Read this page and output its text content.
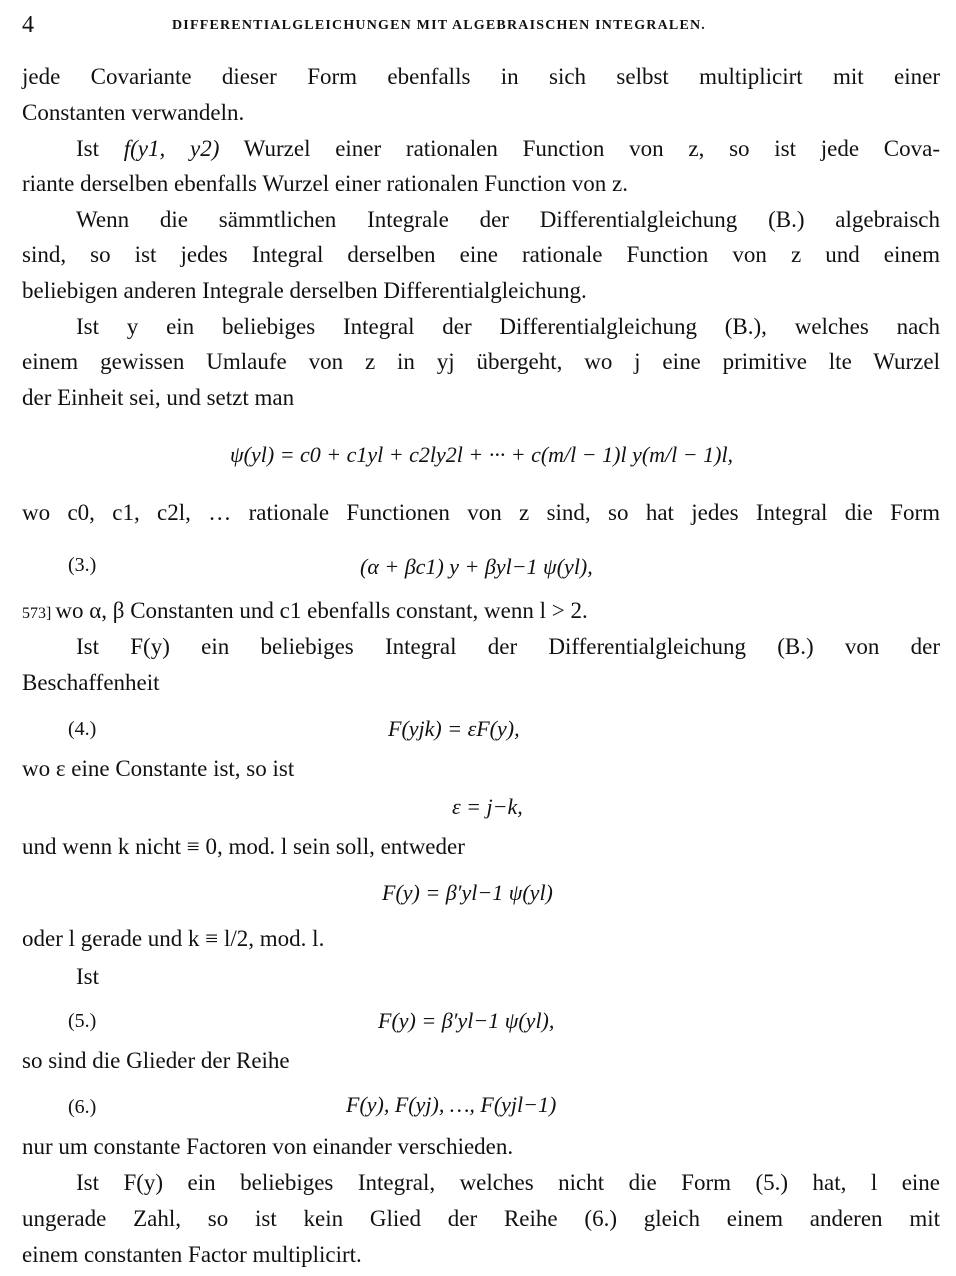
4	DIFFERENTIALGLEICHUNGEN MIT ALGEBRAISCHEN INTEGRALEN.
jede Covariante dieser Form ebenfalls in sich selbst multiplicirt mit einer
Constanten verwandeln.
Ist f(y1, y2) Wurzel einer rationalen Function von z, so ist jede Cova-
riante derselben ebenfalls Wurzel einer rationalen Function von z.
Wenn die sämmtlichen Integrale der Differentialgleichung (B.) algebraisch
sind, so ist jedes Integral derselben eine rationale Function von z und einem
beliebigen anderen Integrale derselben Differentialgleichung.
Ist y ein beliebiges Integral der Differentialgleichung (B.), welches nach
einem gewissen Umlaufe von z in yj übergeht, wo j eine primitive lte Wurzel
der Einheit sei, und setzt man
ψ(yl) = c0 + c1yl + c2ly2l + ··· + c(m/l − 1)l y(m/l − 1)l,
wo c0, c1, c2l, … rationale Functionen von z sind, so hat jedes Integral die Form
(3.)	(α + βc1) y + βyl−1 ψ(yl),
573] wo α, β Constanten und c1 ebenfalls constant, wenn l > 2.
Ist F(y) ein beliebiges Integral der Differentialgleichung (B.) von der
Beschaffenheit
(4.)	F(yjk) = εF(y),
wo ε eine Constante ist, so ist
ε = j−k,
und wenn k nicht ≡ 0, mod. l sein soll, entweder
F(y) = β′yl−1 ψ(yl)
oder l gerade und k ≡ l/2, mod. l.
Ist
(5.)	F(y) = β′yl−1 ψ(yl),
so sind die Glieder der Reihe
(6.)	F(y), F(yj), …, F(yjl−1)
nur um constante Factoren von einander verschieden.
Ist F(y) ein beliebiges Integral, welches nicht die Form (5.) hat, l eine
ungerade Zahl, so ist kein Glied der Reihe (6.) gleich einem anderen mit
einem constanten Factor multiplicirt.
